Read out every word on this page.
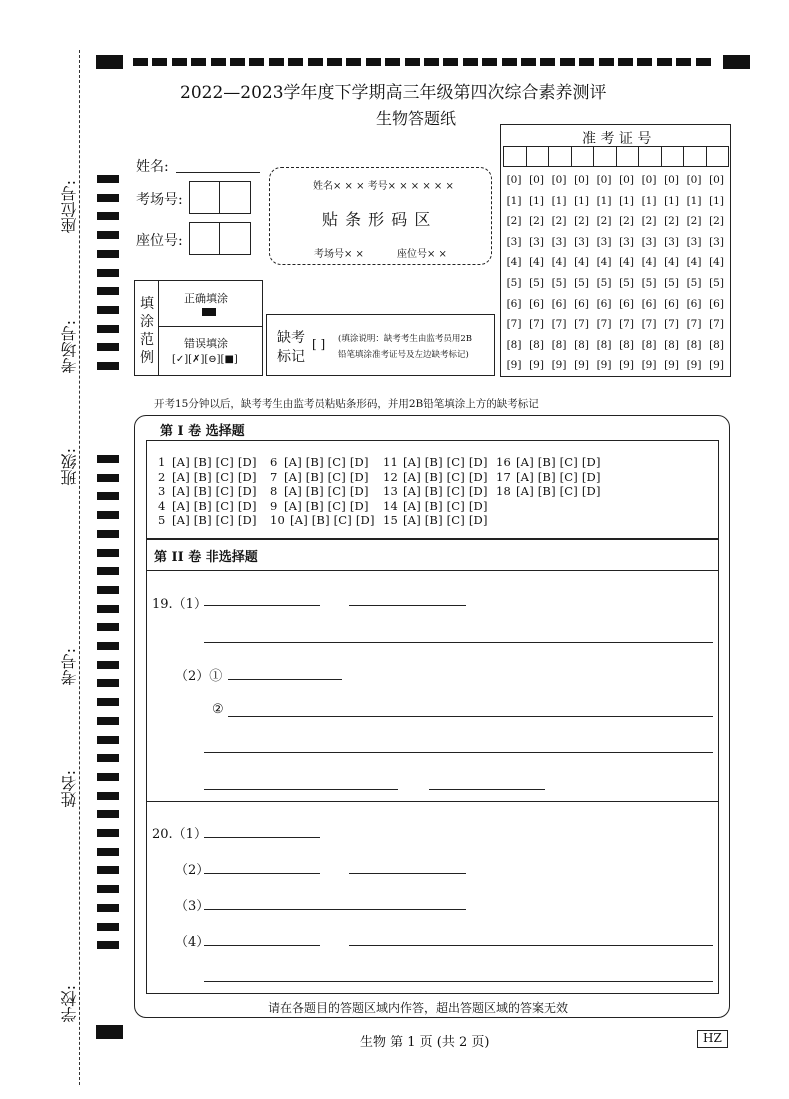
座位号:
考场号:
班级:
考号:
姓名:
学校:
2022—2023学年度下学期高三年级第四次综合素养测评
生物答题纸
姓名:
考场号:
座位号:
姓名× × × 考号× × × × × ×
贴 条 形 码 区
考场号× ×	座位号× ×
填
涂
范
例
正确填涂
错误填涂
[✓][✗][⊖][■]
缺考
标记
[ ] (填涂说明：缺考考生由监考员用2B
铅笔填涂准考证号及左边缺考标记)
准 考 证 号
[0]
[1]
[2]
[3]
[4]
[5]
[6]
[7]
[8]
[9]
[0]
[1]
[2]
[3]
[4]
[5]
[6]
[7]
[8]
[9]
[0]
[1]
[2]
[3]
[4]
[5]
[6]
[7]
[8]
[9]
[0]
[1]
[2]
[3]
[4]
[5]
[6]
[7]
[8]
[9]
[0]
[1]
[2]
[3]
[4]
[5]
[6]
[7]
[8]
[9]
[0]
[1]
[2]
[3]
[4]
[5]
[6]
[7]
[8]
[9]
[0]
[1]
[2]
[3]
[4]
[5]
[6]
[7]
[8]
[9]
[0]
[1]
[2]
[3]
[4]
[5]
[6]
[7]
[8]
[9]
[0]
[1]
[2]
[3]
[4]
[5]
[6]
[7]
[8]
[9]
[0]
[1]
[2]
[3]
[4]
[5]
[6]
[7]
[8]
[9]
开考15分钟以后，缺考考生由监考员粘贴条形码，并用2B铅笔填涂上方的缺考标记
第 I 卷 选择题
1 [A] [B] [C] [D]
2 [A] [B] [C] [D]
3 [A] [B] [C] [D]
4 [A] [B] [C] [D]
5 [A] [B] [C] [D]
6 [A] [B] [C] [D]
7 [A] [B] [C] [D]
8 [A] [B] [C] [D]
9 [A] [B] [C] [D]
10 [A] [B] [C] [D]
11 [A] [B] [C] [D]
12 [A] [B] [C] [D]
13 [A] [B] [C] [D]
14 [A] [B] [C] [D]
15 [A] [B] [C] [D]
16 [A] [B] [C] [D]
17 [A] [B] [C] [D]
18 [A] [B] [C] [D]
第 II 卷 非选择题
19.（1）
（2）①
②
20.（1）
（2）
（3）
（4）
请在各题目的答题区域内作答，超出答题区域的答案无效
生物 第 1 页 (共 2 页)	HZ
